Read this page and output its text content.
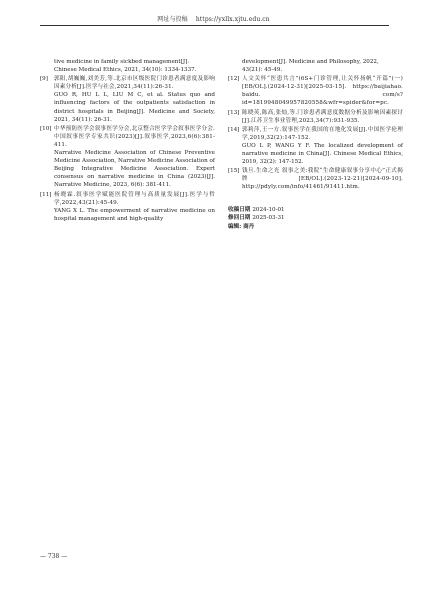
网址与投稿 https://yxllx.xjtu.edu.cn

tive medicine in family sickbed management[J].

Chinese Medical Ethics, 2021, 34(10): 1334-1337.

[9] 郭阳,胡巍巍,刘美芳,等.北京市区级医院门诊患者满意度及影响因素分析[J].医学与社会,2021,34(11):26-31.

GUO R, HU L L, LIU M C, et al. Status quo and influencing factors of the outpatients satisfaction in district hospitals in Beijing[J]. Medicine and Society, 2021, 34(11): 26-31.

[10] 中华预防医学会叙事医学分会,北京整合医学学会叙事医学分会.中国叙事医学专家共识(2023)[J].叙事医学,2023,6(6):381-411.

Narrative Medicine Association of Chinese Preventive Medicine Association, Narrative Medicine Association of Beijing Integrative Medicine Association. Expert consensus on narrative medicine in China (2023)[J]. Narrative Medicine, 2023, 6(6): 381-411.

[11] 杨晓霖.叙事医学赋能医院管理与高质量发展[J].医学与哲学,2022,43(21):45-49.

YANG X L. The empowerment of narrative medicine on hospital management and high-quality

development[J]. Medicine and Philosophy, 2022,

43(21): 45-49.

[12] 人文关怀“医患共言”(6S+门诊管理,让关怀扬帆“开篇”(一)[EB/OL].(2024-12-31)[2025-03-15]. https://baijiahao. baidu. com/s?id=1819948049957820558&wfr=spider&for=pc.

[13] 陈晓英,陈高,张灿,等.门诊患者满意度数据分析及影响因素探讨[J].江苏卫生事业管理,2023,34(7):931-935.

[14] 郭莉萍,王一方.叙事医学在我国的在地化发展[J].中国医学伦理学,2019,32(2):147-152.

GUO L P, WANG Y F. The localized development of narrative medicine in China[J]. Chinese Medical Ethics, 2019, 32(2): 147-152.

[15] 钱旦.生命之光 叙事之美:我院“生命健康叙事分享中心”正式揭牌[EB/OL].(2023-12-21)[2024-09-10]. http://pdyly.com/info/41461/91411.htm.

收稿日期 2024-10-01
修回日期 2025-03-31
编辑: 商丹
— 738 —
